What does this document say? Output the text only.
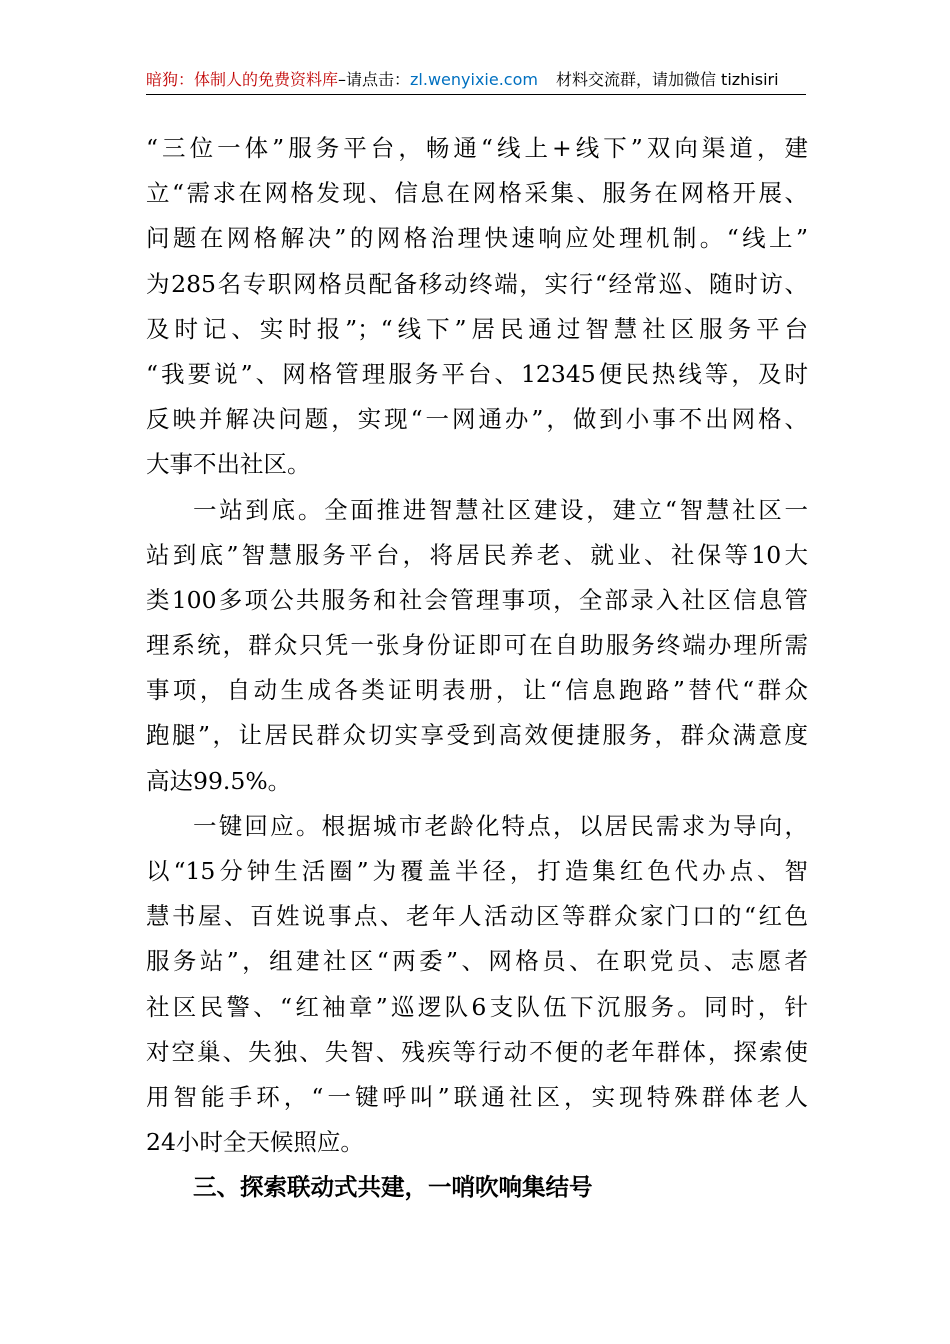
暗狗：体制人的免费资料库–请点击：zl.wenyixie.com 材料交流群，请加微信 tizhisiri
“三位一体”服务平台，畅通“线上+线下”双向渠道，建
立“需求在网格发现、信息在网格采集、服务在网格开展、
问题在网格解决”的网格治理快速响应处理机制。“线上”
为285名专职网格员配备移动终端，实行“经常巡、随时访、
及时记、实时报”；“线下”居民通过智慧社区服务平台
“我要说”、网格管理服务平台、12345便民热线等，及时
反映并解决问题，实现“一网通办”，做到小事不出网格、
大事不出社区。
一站到底。全面推进智慧社区建设，建立“智慧社区一
站到底”智慧服务平台，将居民养老、就业、社保等10大
类100多项公共服务和社会管理事项，全部录入社区信息管
理系统，群众只凭一张身份证即可在自助服务终端办理所需
事项，自动生成各类证明表册，让“信息跑路”替代“群众
跑腿”，让居民群众切实享受到高效便捷服务，群众满意度
高达99.5%。
一键回应。根据城市老龄化特点，以居民需求为导向，
以“15分钟生活圈”为覆盖半径，打造集红色代办点、智
慧书屋、百姓说事点、老年人活动区等群众家门口的“红色
服务站”，组建社区“两委”、网格员、在职党员、志愿者
社区民警、“红袖章”巡逻队6支队伍下沉服务。同时，针
对空巢、失独、失智、残疾等行动不便的老年群体，探索使
用智能手环，“一键呼叫”联通社区，实现特殊群体老人
24小时全天候照应。
三、探索联动式共建，一哨吹响集结号
